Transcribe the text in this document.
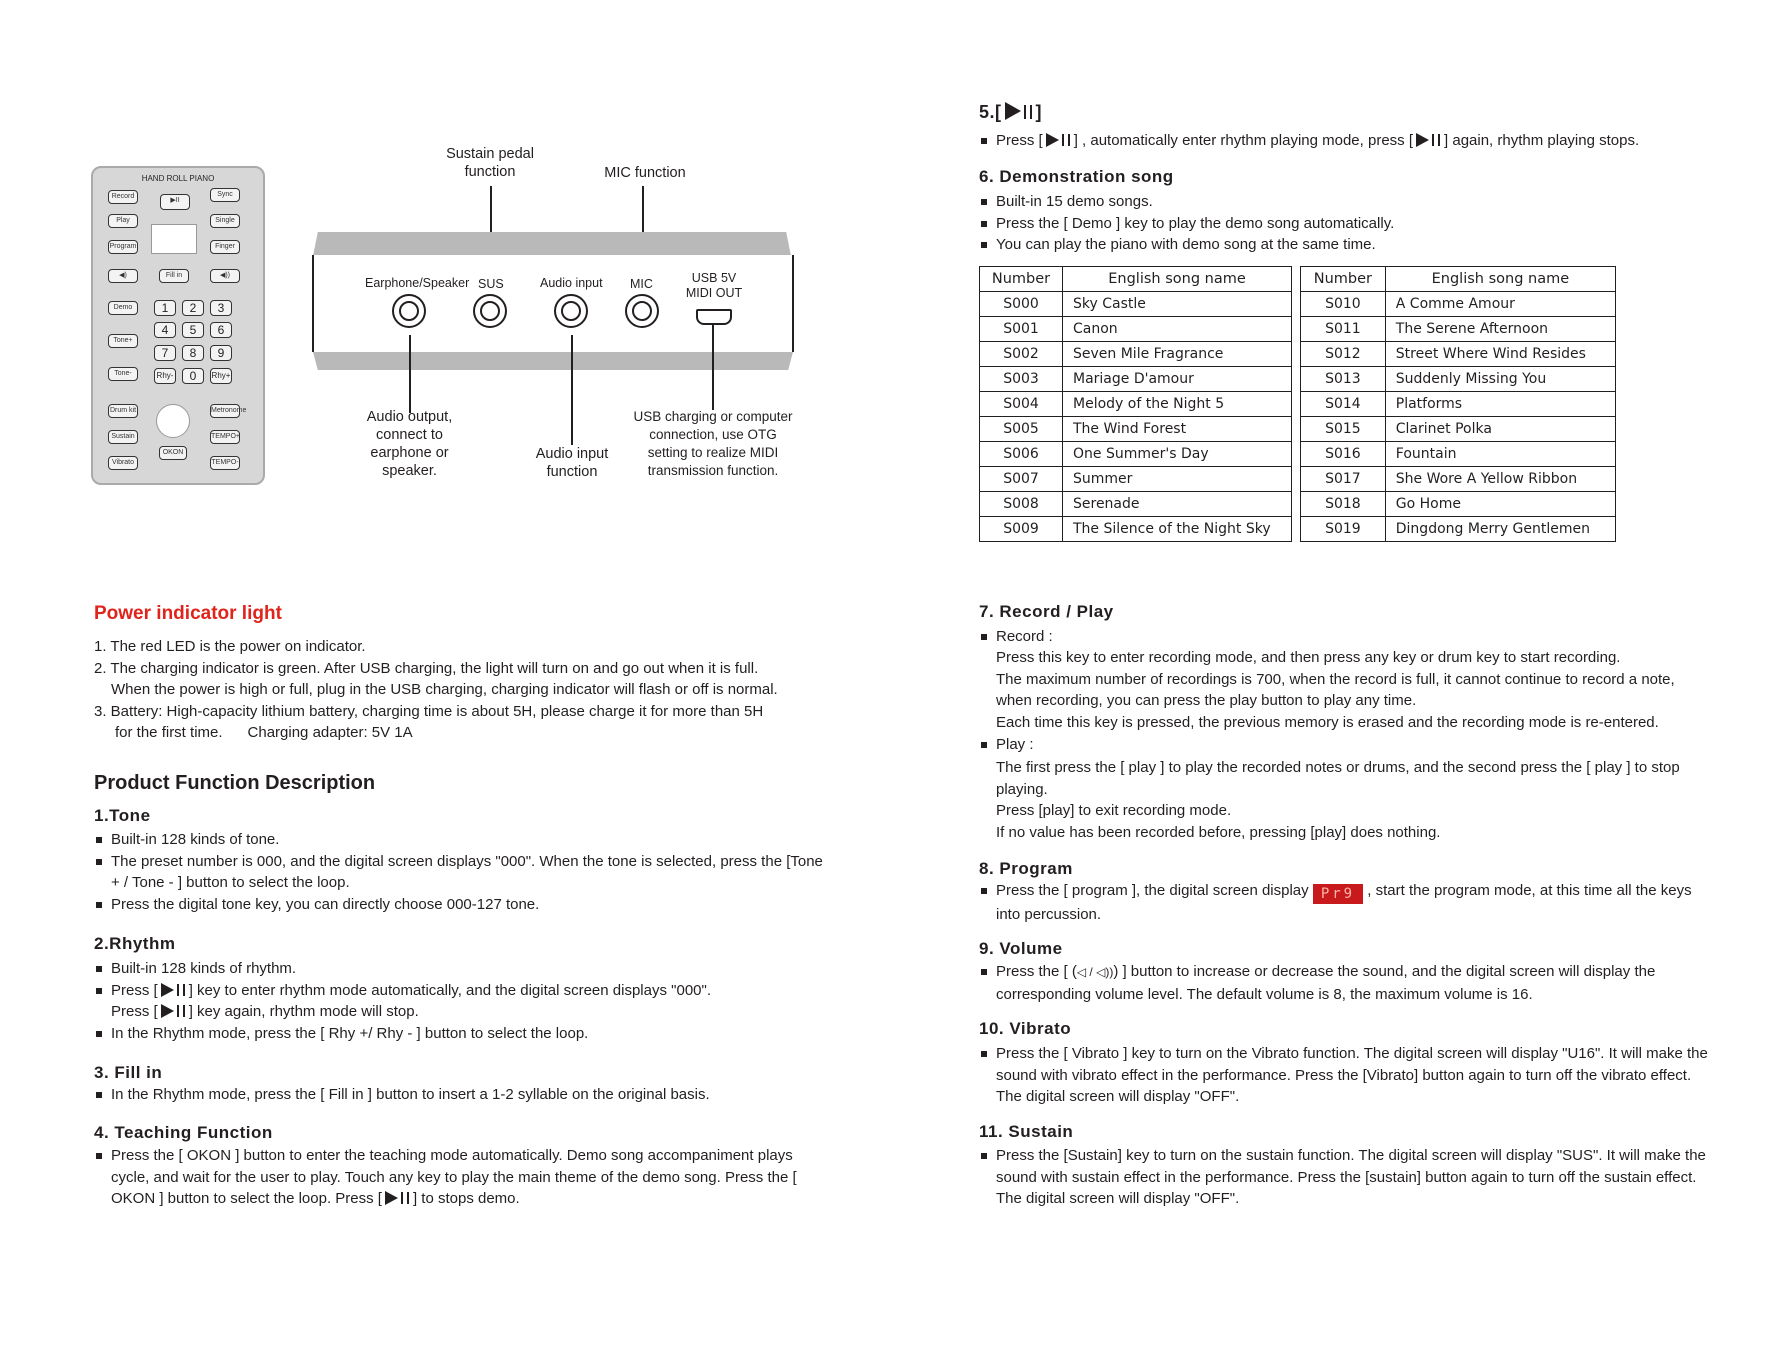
HAND ROLL PIANO
Record
▶II
Sync
Play	Single
Program	Finger
◀)	Fill in	◀))
Demo	1	2	3
Tone+
4	5	6
7	8	9
Tone-	Rhy-	0	Rhy+
Drum kit	Metronome
Sustain	TEMPO+
OKON
Vibrato	TEMPO-
Sustain pedal function	MIC function
Earphone/Speaker SUS	Audio input MIC	USB 5V MIDI OUT
Audio output, connect to earphone or speaker.
Audio input function
USB charging or computer connection, use OTG setting to realize MIDI transmission function.
Power indicator light
1. The red LED is the power on indicator.
2. The charging indicator is green. After USB charging, the light will turn on and go out when it is full.
When the power is high or full, plug in the USB charging, charging indicator will flash or off is normal.
3. Battery: High-capacity lithium battery, charging time is about 5H, please charge it for more than 5H
for the first time.      Charging adapter: 5V 1A
Product Function Description
1.Tone
Built-in 128 kinds of tone.
The preset number is 000, and the digital screen displays "000". When the tone is selected, press the [Tone + / Tone - ] button to select the loop.
Press the digital tone key, you can directly choose 000-127 tone.
2.Rhythm
Built-in 128 kinds of rhythm.
Press [ ] key to enter rhythm mode automatically, and the digital screen displays "000".
Press [ ] key again, rhythm mode will stop.
In the Rhythm mode, press the [ Rhy +/ Rhy - ] button to select the loop.
3. Fill in
In the Rhythm mode, press the [ Fill in ] button to insert a 1-2 syllable on the original basis.
4. Teaching Function
Press the [ OKON ] button to enter the teaching mode automatically. Demo song accompaniment plays cycle, and wait for the user to play. Touch any key to play the main theme of the demo song. Press the [ OKON ] button to select the loop. Press [ ] to stops demo.
5.[ ]
Press [ ] , automatically enter rhythm playing mode, press [ ] again, rhythm playing stops.
6. Demonstration song
Built-in 15 demo songs.
Press the [ Demo ] key to play the demo song automatically.
You can play the piano with demo song at the same time.
Number	English song name
S000	Sky Castle
S001	Canon
S002	Seven Mile Fragrance
S003	Mariage D'amour
S004	Melody of the Night 5
S005	The Wind Forest
S006	One Summer's Day
S007	Summer
S008	Serenade
S009	The Silence of the Night Sky
Number	English song name
S010	A Comme Amour
S011	The Serene Afternoon
S012	Street Where Wind Resides
S013	Suddenly Missing You
S014	Platforms
S015	Clarinet Polka
S016	Fountain
S017	She Wore A Yellow Ribbon
S018	Go Home
S019	Dingdong Merry Gentlemen
7. Record / Play
Record :
Press this key to enter recording mode, and then press any key or drum key to start recording.
The maximum number of recordings is 700, when the record is full, it cannot continue to record a note, when recording, you can press the play button to play any time.
Each time this key is pressed, the previous memory is erased and the recording mode is re-entered.
Play :
The first press the [ play ] to play the recorded notes or drums, and the second press the [ play ] to stop playing.
Press [play] to exit recording mode.
If no value has been recorded before, pressing [play] does nothing.
8. Program
Press the [ program ], the digital screen display Pr9 , start the program mode, at this time all the keys into percussion.
9. Volume
Press the [ (◁ / ◁))) ] button to increase or decrease the sound, and the digital screen will display the corresponding volume level. The default volume is 8, the maximum volume is 16.
10. Vibrato
Press the [ Vibrato ] key to turn on the Vibrato function. The digital screen will display "U16". It will make the sound with vibrato effect in the performance. Press the [Vibrato] button again to turn off the vibrato effect. The digital screen will display "OFF".
11. Sustain
Press the [Sustain] key to turn on the sustain function. The digital screen will display "SUS". It will make the sound with sustain effect in the performance. Press the [sustain] button again to turn off the sustain effect. The digital screen will display "OFF".
